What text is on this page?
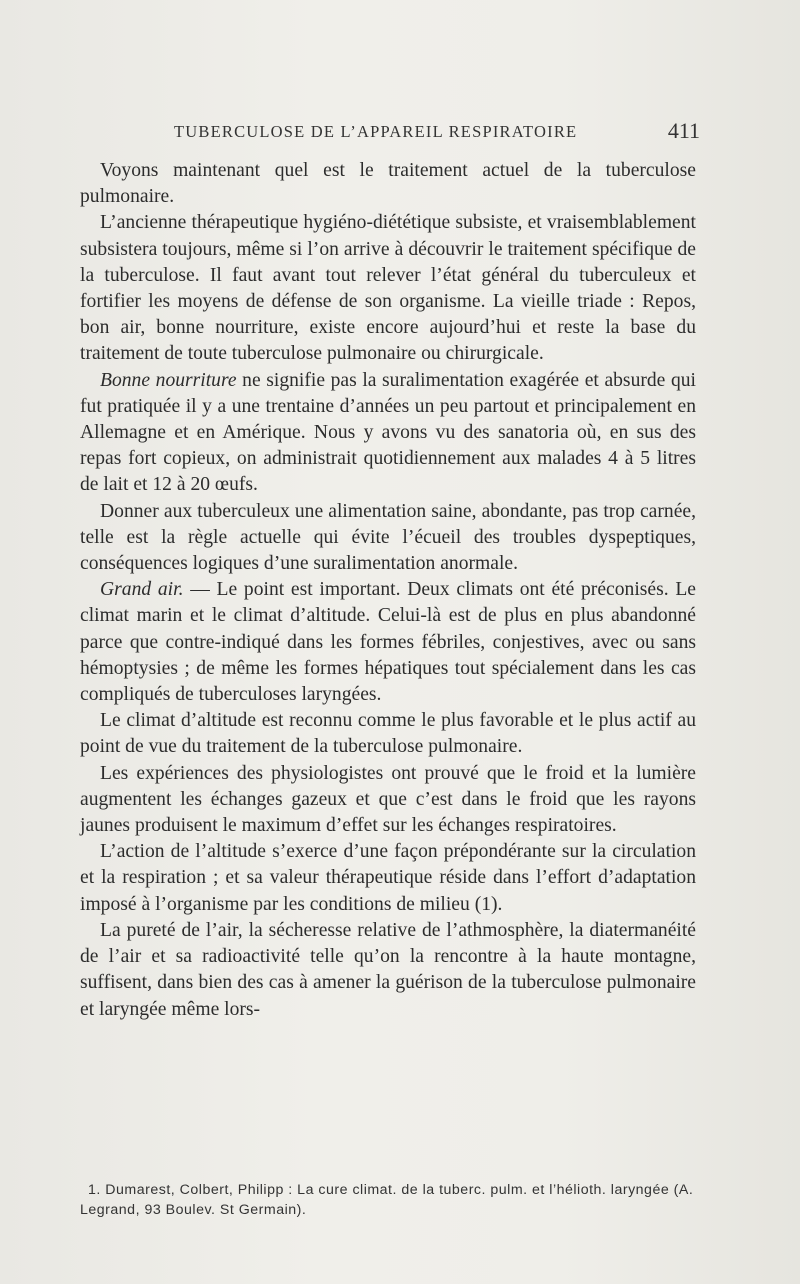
TUBERCULOSE DE L’APPAREIL RESPIRATOIRE	411

Voyons maintenant quel est le traitement actuel de la tuberculose pulmonaire.

L’ancienne thérapeutique hygiéno-diététique subsiste, et vraisemblablement subsistera toujours, même si l’on arrive à découvrir le traitement spécifique de la tuberculose. Il faut avant tout relever l’état général du tuberculeux et fortifier les moyens de défense de son organisme. La vieille triade : Repos, bon air, bonne nourriture, existe encore aujourd’hui et reste la base du traitement de toute tuberculose pulmonaire ou chirurgicale.

Bonne nourriture ne signifie pas la suralimentation exagérée et absurde qui fut pratiquée il y a une trentaine d’années un peu partout et principalement en Allemagne et en Amérique. Nous y avons vu des sanatoria où, en sus des repas fort copieux, on administrait quotidiennement aux malades 4 à 5 litres de lait et 12 à 20 œufs.

Donner aux tuberculeux une alimentation saine, abondante, pas trop carnée, telle est la règle actuelle qui évite l’écueil des troubles dyspeptiques, conséquences logiques d’une suralimentation anormale.

Grand air. — Le point est important. Deux climats ont été préconisés. Le climat marin et le climat d’altitude. Celui-là est de plus en plus abandonné parce que contre-indiqué dans les formes fébriles, conjestives, avec ou sans hémoptysies ; de même les formes hépatiques tout spécialement dans les cas compliqués de tuberculoses laryngées.

Le climat d’altitude est reconnu comme le plus favorable et le plus actif au point de vue du traitement de la tuberculose pulmonaire.

Les expériences des physiologistes ont prouvé que le froid et la lumière augmentent les échanges gazeux et que c’est dans le froid que les rayons jaunes produisent le maximum d’effet sur les échanges respiratoires.

L’action de l’altitude s’exerce d’une façon prépondérante sur la circulation et la respiration ; et sa valeur thérapeutique réside dans l’effort d’adaptation imposé à l’organisme par les conditions de milieu (1).

La pureté de l’air, la sécheresse relative de l’athmosphère, la diatermanéité de l’air et sa radioactivité telle qu’on la rencontre à la haute montagne, suffisent, dans bien des cas à amener la guérison de la tuberculose pulmonaire et laryngée même lors-

1. Dumarest, Colbert, Philipp : La cure climat. de la tuberc. pulm. et l’hélioth. laryngée (A. Legrand, 93 Boulev. St Germain).
